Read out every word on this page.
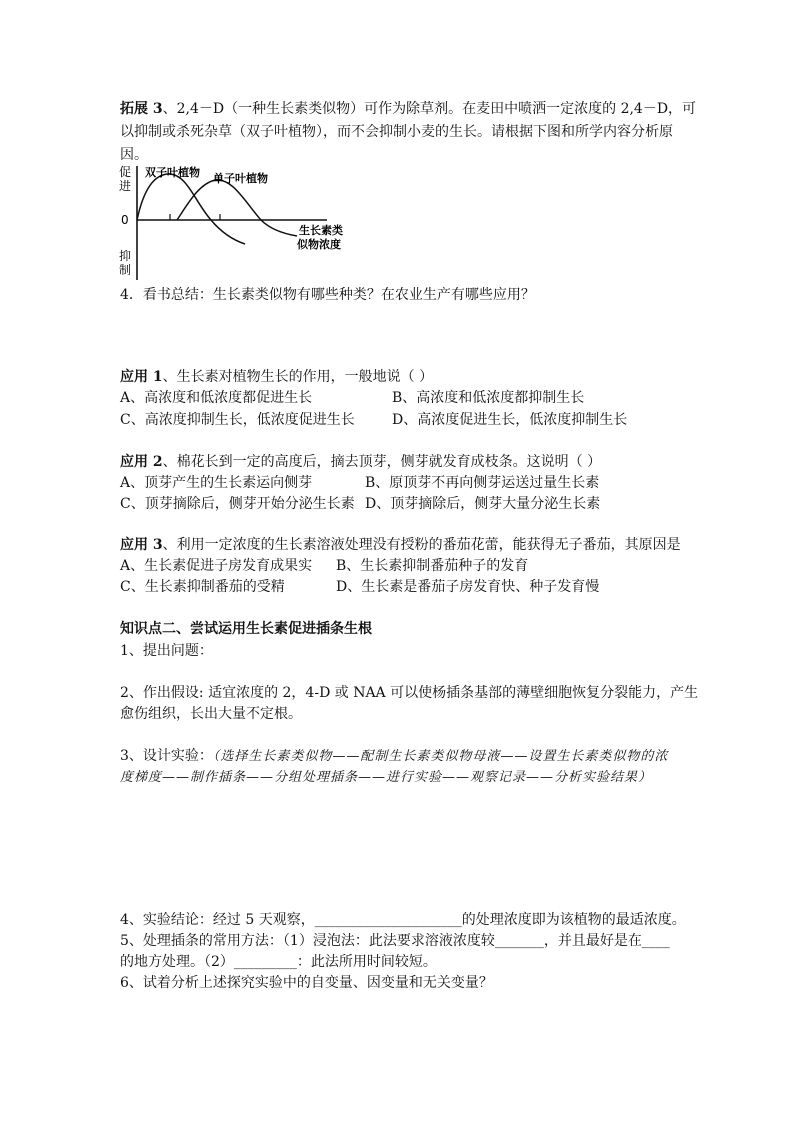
拓展 3、2,4－D（一种生长素类似物）可作为除草剂。在麦田中喷洒一定浓度的 2,4－D，可
以抑制或杀死杂草（双子叶植物），而不会抑制小麦的生长。请根据下图和所学内容分析原
因。
促
进
0
抑
制
双子叶植物 单子叶植物
生长素类
似物浓度
4．看书总结：生长素类似物有哪些种类？在农业生产有哪些应用？
应用 1、生长素对植物生长的作用，一般地说（ ）
A、高浓度和低浓度都促进生长	B、高浓度和低浓度都抑制生长
C、高浓度抑制生长，低浓度促进生长	D、高浓度促进生长，低浓度抑制生长
应用 2、棉花长到一定的高度后，摘去顶芽，侧芽就发育成枝条。这说明（ ）
A、顶芽产生的生长素运向侧芽	B、原顶芽不再向侧芽运送过量生长素
C、顶芽摘除后，侧芽开始分泌生长素 D、顶芽摘除后，侧芽大量分泌生长素
应用 3、利用一定浓度的生长素溶液处理没有授粉的番茄花蕾，能获得无子番茄，其原因是
A、生长素促进子房发育成果实 B、生长素抑制番茄种子的发育
C、生长素抑制番茄的受精	D、生长素是番茄子房发育快、种子发育慢
知识点二、尝试运用生长素促进插条生根
1、提出问题：
2、作出假设: 适宜浓度的 2，4-D 或 NAA 可以使杨插条基部的薄壁细胞恢复分裂能力，产生
愈伤组织，长出大量不定根。
3、设计实验：（选择生长素类似物——配制生长素类似物母液——设置生长素类似物的浓
度梯度——制作插条——分组处理插条——进行实验——观察记录——分析实验结果）
4、实验结论：经过 5 天观察，_____________________的处理浓度即为该植物的最适浓度。
5、处理插条的常用方法：（1）浸泡法：此法要求溶液浓度较_______，并且最好是在____
的地方处理。（2）_________：此法所用时间较短。
6、试着分析上述探究实验中的自变量、因变量和无关变量？
